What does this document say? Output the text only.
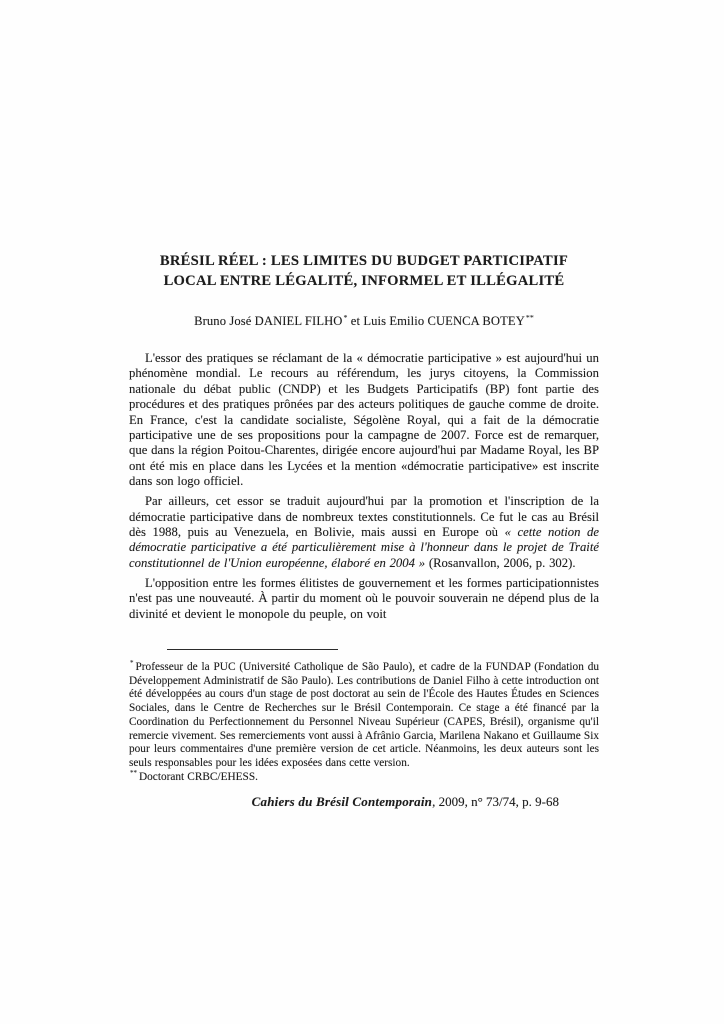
BRÉSIL RÉEL : LES LIMITES DU BUDGET PARTICIPATIF
LOCAL ENTRE LÉGALITÉ, INFORMEL ET ILLÉGALITÉ
Bruno José DANIEL FILHO* et Luis Emilio CUENCA BOTEY**

L'essor des pratiques se réclamant de la « démocratie participative » est aujourd'hui un phénomène mondial. Le recours au référendum, les jurys citoyens, la Commission nationale du débat public (CNDP) et les Budgets Participatifs (BP) font partie des procédures et des pratiques prônées par des acteurs politiques de gauche comme de droite. En France, c'est la candidate socialiste, Ségolène Royal, qui a fait de la démocratie participative une de ses propositions pour la campagne de 2007. Force est de remarquer, que dans la région Poitou-Charentes, dirigée encore aujourd'hui par Madame Royal, les BP ont été mis en place dans les Lycées et la mention «démocratie participative» est inscrite dans son logo officiel.

Par ailleurs, cet essor se traduit aujourd'hui par la promotion et l'inscription de la démocratie participative dans de nombreux textes constitutionnels. Ce fut le cas au Brésil dès 1988, puis au Venezuela, en Bolivie, mais aussi en Europe où « cette notion de démocratie participative a été particulièrement mise à l'honneur dans le projet de Traité constitutionnel de l'Union européenne, élaboré en 2004 » (Rosanvallon, 2006, p. 302).

L'opposition entre les formes élitistes de gouvernement et les formes participationnistes n'est pas une nouveauté. À partir du moment où le pouvoir souverain ne dépend plus de la divinité et devient le monopole du peuple, on voit

* Professeur de la PUC (Université Catholique de São Paulo), et cadre de la FUNDAP (Fondation du Développement Administratif de São Paulo). Les contributions de Daniel Filho à cette introduction ont été développées au cours d'un stage de post doctorat au sein de l'École des Hautes Études en Sciences Sociales, dans le Centre de Recherches sur le Brésil Contemporain. Ce stage a été financé par la Coordination du Perfectionnement du Personnel Niveau Supérieur (CAPES, Brésil), organisme qu'il remercie vivement. Ses remerciements vont aussi à Afrânio Garcia, Marilena Nakano et Guillaume Six pour leurs commentaires d'une première version de cet article. Néanmoins, les deux auteurs sont les seuls responsables pour les idées exposées dans cette version.

** Doctorant CRBC/EHESS.

Cahiers du Brésil Contemporain, 2009, n° 73/74, p. 9-68
